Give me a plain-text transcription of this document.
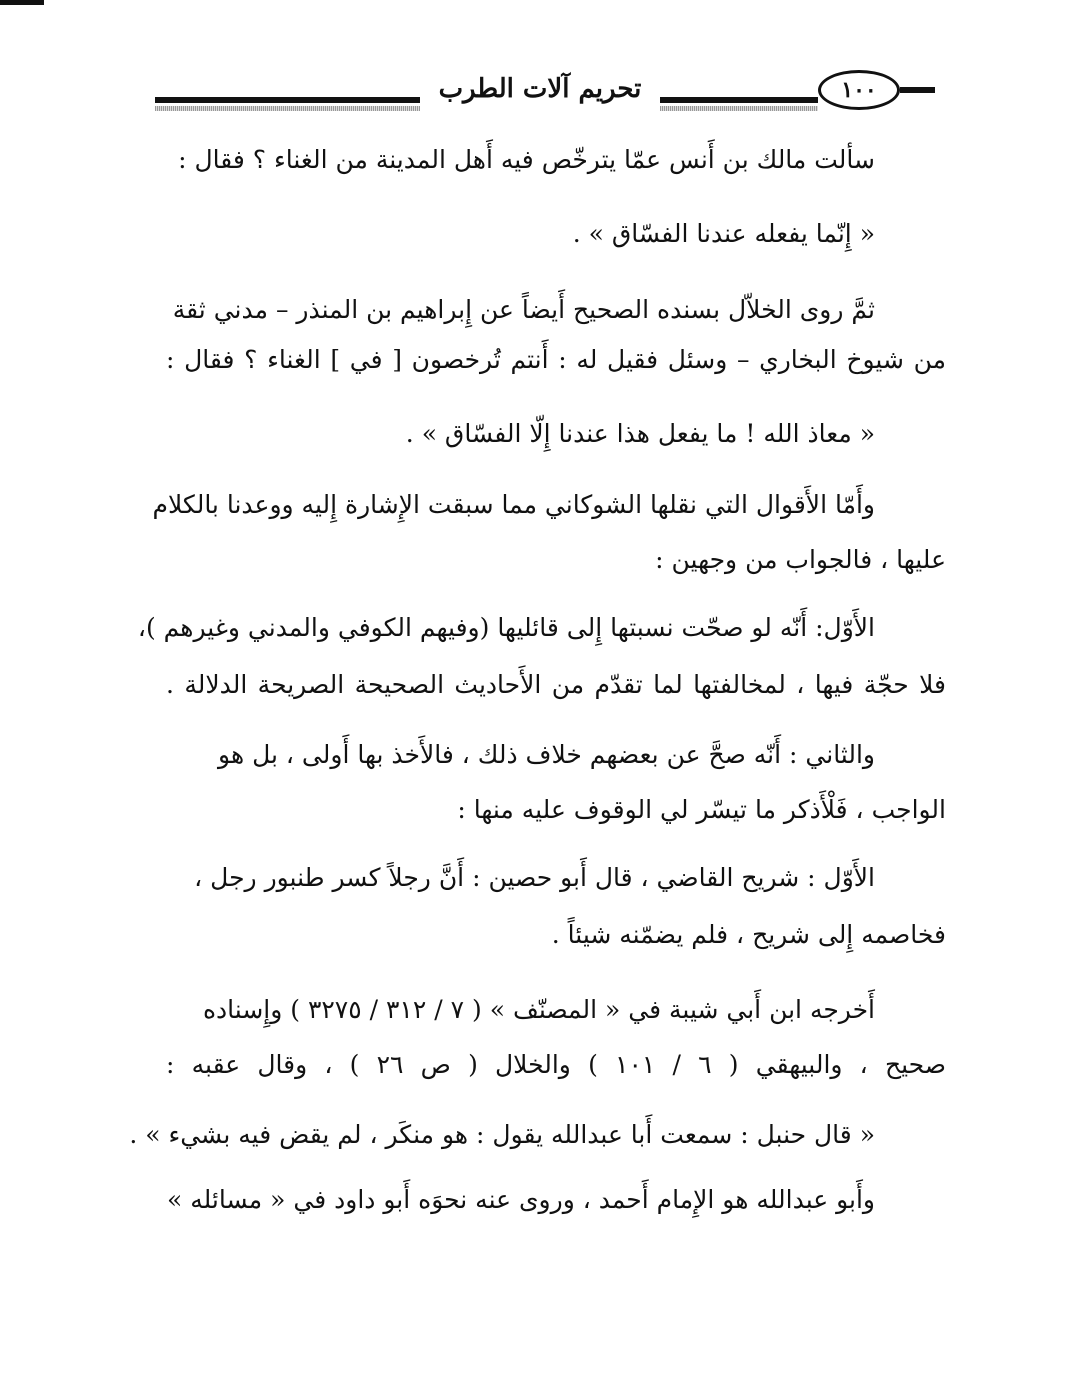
تحريم آلات الطرب	١٠٠
سألت مالك بن أَنس عمّا يترخّص فيه أَهل المدينة من الغناء ؟ فقال :
« إِنّما يفعله عندنا الفسّاق » .
ثمَّ روى الخلاّل بسنده الصحيح أَيضاً عن إِبراهيم بن المنذر – مدني ثقة
من شيوخ البخاري – وسئل فقيل له : أَنتم تُرخصون [ في ] الغناء ؟ فقال :
« معاذ الله ! ما يفعل هذا عندنا إِلّا الفسّاق » .
وأَمّا الأَقوال التي نقلها الشوكاني مما سبقت الإِشارة إِليه ووعدنا بالكلام
عليها ، فالجواب من وجهين :
الأَوّل: أَنّه لو صحّت نسبتها إِلى قائليها (وفيهم الكوفي والمدني وغيرهم )،
فلا حجّة فيها ، لمخالفتها لما تقدّم من الأَحاديث الصحيحة الصريحة الدلالة .
والثاني : أَنّه صحَّ عن بعضهم خلاف ذلك ، فالأَخذ بها أَولى ، بل هو
الواجب ، فَلْأَذكر ما تيسّر لي الوقوف عليه منها :
الأَوّل : شريح القاضي ، قال أَبو حصين : أَنَّ رجلاً كسر طنبور رجل ،
فخاصمه إِلى شريح ، فلم يضمّنه شيئاً .
أَخرجه ابن أَبي شيبة في « المصنّف » ( ٧ / ٣١٢ / ٣٢٧٥ ) وإِسناده
صحيح ، والبيهقي ( ٦ / ١٠١ ) والخلال ( ص ٢٦ ) ، وقال عقبه :
« قال حنبل : سمعت أَبا عبدالله يقول : هو منكَر ، لم يقض فيه بشيء » .
وأَبو عبدالله هو الإِمام أَحمد ، وروى عنه نحوَه أَبو داود في « مسائله »
